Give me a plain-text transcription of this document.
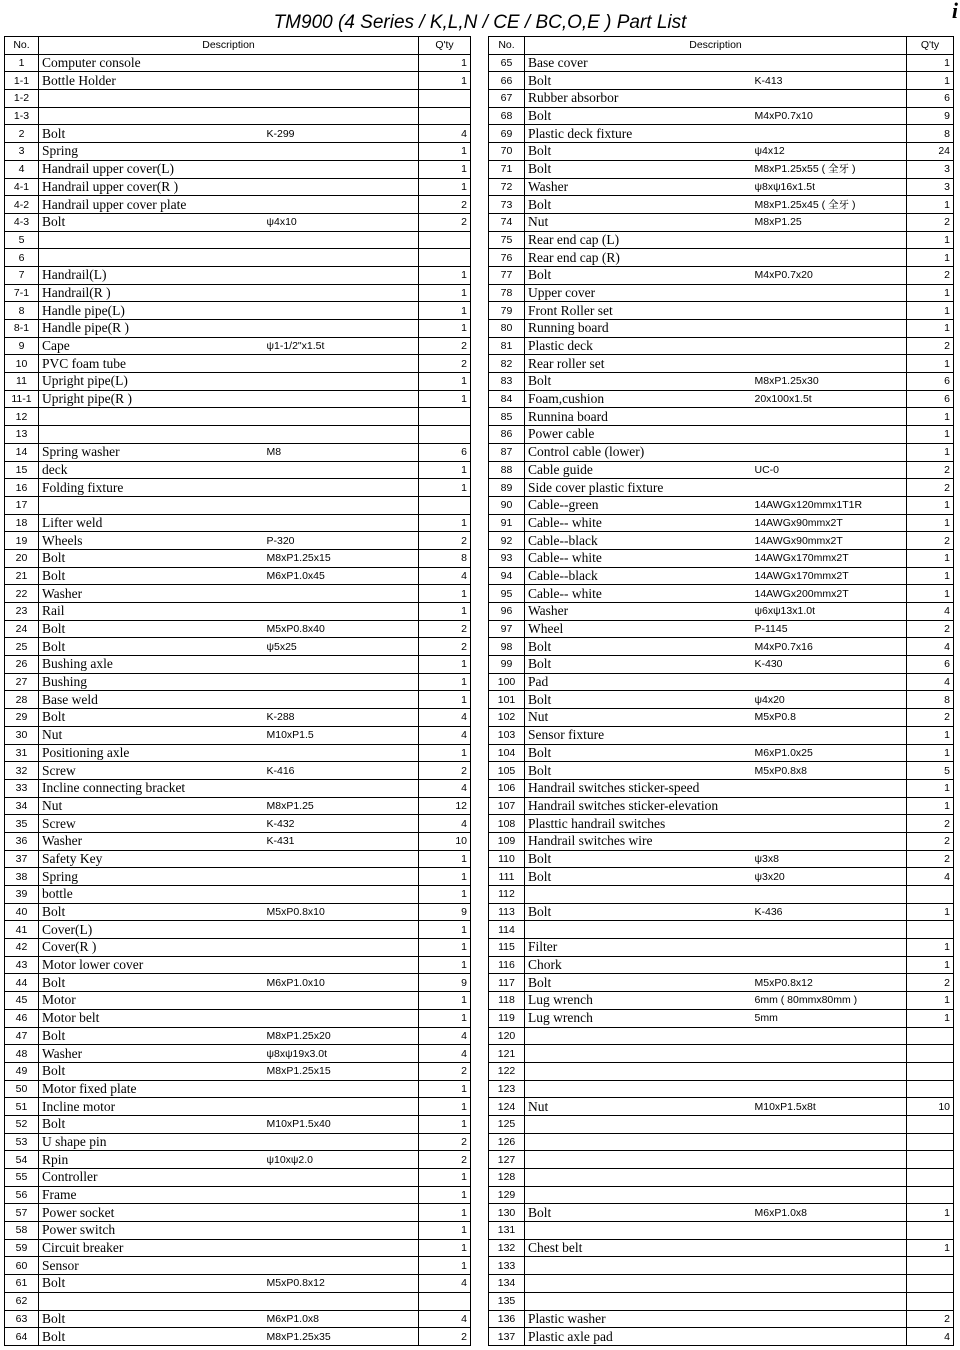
TM900 (4 Series / K,L,N / CE / BC,O,E ) Part List	i
No.	Description		Q'ty
1	Computer console		1
1-1	Bottle Holder		1
1-2			
1-3			
2	Bolt	K-299	4
3	Spring		1
4	Handrail upper cover(L)		1
4-1	Handrail upper cover(R )		1
4-2	Handrail upper cover plate		2
4-3	Bolt	ψ4x10	2
5			
6			
7	Handrail(L)		1
7-1	Handrail(R )		1
8	Handle pipe(L)		1
8-1	Handle pipe(R )		1
9	Cape	ψ1-1/2"x1.5t	2
10	PVC foam tube		2
11	Upright pipe(L)		1
11-1	Upright pipe(R )		1
12			
13			
14	Spring washer	M8	6
15	deck		1
16	Folding fixture		1
17			
18	Lifter weld		1
19	Wheels	P-320	2
20	Bolt	M8xP1.25x15	8
21	Bolt	M6xP1.0x45	4
22	Washer		1
23	Rail		1
24	Bolt	M5xP0.8x40	2
25	Bolt	ψ5x25	2
26	Bushing axle		1
27	Bushing		1
28	Base weld		1
29	Bolt	K-288	4
30	Nut	M10xP1.5	4
31	Positioning axle		1
32	Screw	K-416	2
33	Incline connecting bracket		4
34	Nut	M8xP1.25	12
35	Screw	K-432	4
36	Washer	K-431	10
37	Safety Key		1
38	Spring		1
39	bottle		1
40	Bolt	M5xP0.8x10	9
41	Cover(L)		1
42	Cover(R )		1
43	Motor lower cover		1
44	Bolt	M6xP1.0x10	9
45	Motor		1
46	Motor belt		1
47	Bolt	M8xP1.25x20	4
48	Washer	ψ8xψ19x3.0t	4
49	Bolt	M8xP1.25x15	2
50	Motor fixed plate		1
51	Incline motor		1
52	Bolt	M10xP1.5x40	1
53	U shape pin		2
54	Rpin	ψ10xψ2.0	2
55	Controller		1
56	Frame		1
57	Power socket		1
58	Power switch		1
59	Circuit breaker		1
60	Sensor		1
61	Bolt	M5xP0.8x12	4
62			
63	Bolt	M6xP1.0x8	4
64	Bolt	M8xP1.25x35	2
No.	Description		Q'ty
65	Base cover		1
66	Bolt	K-413	1
67	Rubber absorbor		6
68	Bolt	M4xP0.7x10	9
69	Plastic deck fixture		8
70	Bolt	ψ4x12	24
71	Bolt	M8xP1.25x55 ( 全牙 )	3
72	Washer	ψ8xψ16x1.5t	3
73	Bolt	M8xP1.25x45 ( 全牙 )	1
74	Nut	M8xP1.25	2
75	Rear end cap (L)		1
76	Rear end cap (R)		1
77	Bolt	M4xP0.7x20	2
78	Upper cover		1
79	Front Roller set		1
80	Running board		1
81	Plastic deck		2
82	Rear roller set		1
83	Bolt	M8xP1.25x30	6
84	Foam,cushion	20x100x1.5t	6
85	Runnina board		1
86	Power cable		1
87	Control cable (lower)		1
88	Cable guide	UC-0	2
89	Side cover plastic fixture		2
90	Cable--green	14AWGx120mmx1T1R	1
91	Cable-- white	14AWGx90mmx2T	1
92	Cable--black	14AWGx90mmx2T	2
93	Cable-- white	14AWGx170mmx2T	1
94	Cable--black	14AWGx170mmx2T	1
95	Cable-- white	14AWGx200mmx2T	1
96	Washer	ψ6xψ13x1.0t	4
97	Wheel	P-1145	2
98	Bolt	M4xP0.7x16	4
99	Bolt	K-430	6
100	Pad		4
101	Bolt	ψ4x20	8
102	Nut	M5xP0.8	2
103	Sensor fixture		1
104	Bolt	M6xP1.0x25	1
105	Bolt	M5xP0.8x8	5
106	Handrail switches sticker-speed		1
107	Handrail switches sticker-elevation		1
108	Plasttic handrail switches		2
109	Handrail switches wire		2
110	Bolt	ψ3x8	2
111	Bolt	ψ3x20	4
112			
113	Bolt	K-436	1
114			
115	Filter		1
116	Chork		1
117	Bolt	M5xP0.8x12	2
118	Lug wrench	6mm ( 80mmx80mm )	1
119	Lug wrench	5mm	1
120			
121			
122			
123			
124	Nut	M10xP1.5x8t	10
125			
126			
127			
128			
129			
130	Bolt	M6xP1.0x8	1
131			
132	Chest belt		1
133			
134			
135			
136	Plastic washer		2
137	Plastic axle pad		4
